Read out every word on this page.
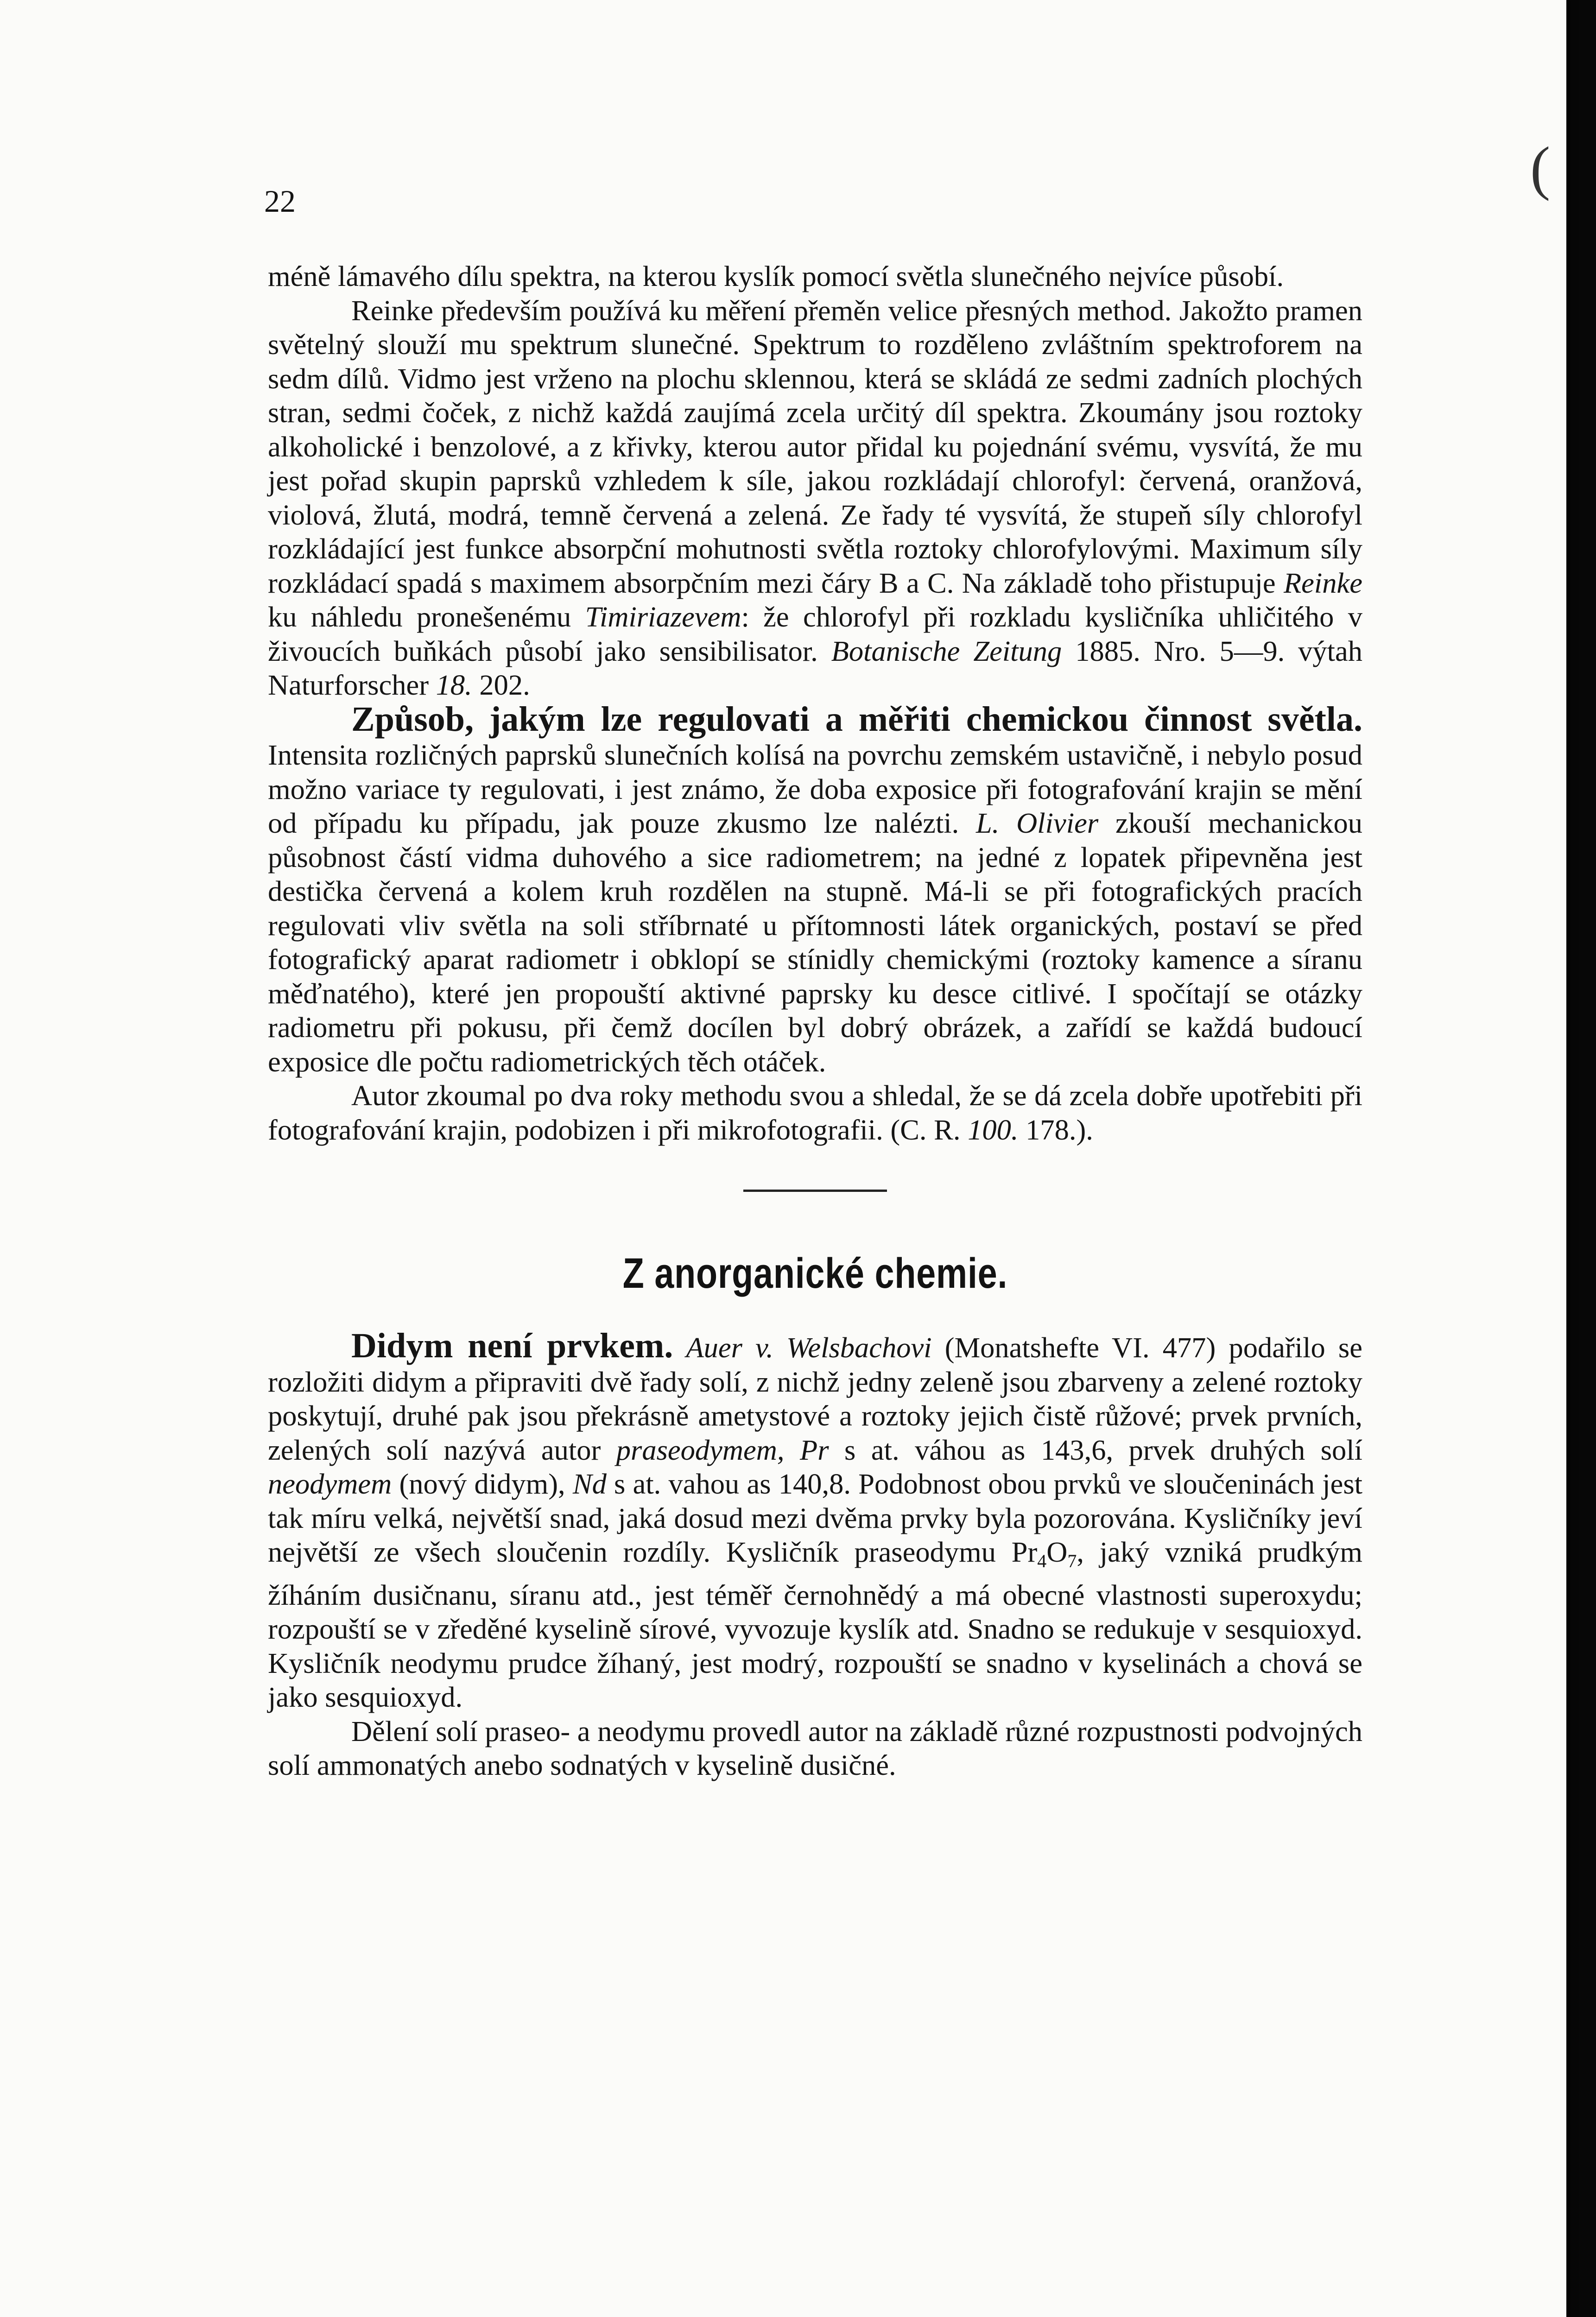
22	(

méně lámavého dílu spektra, na kterou kyslík pomocí světla slunečného nejvíce působí.

Reinke především používá ku měření přeměn velice přesných method. Jakožto pramen světelný slouží mu spektrum slunečné. Spektrum to rozděleno zvláštním spektroforem na sedm dílů. Vidmo jest vrženo na plochu sklennou, která se skládá ze sedmi zadních plochých stran, sedmi čoček, z nichž každá zaujímá zcela určitý díl spektra. Zkoumány jsou roztoky alkoholické i benzolové, a z křivky, kterou autor přidal ku pojednání svému, vysvítá, že mu jest pořad skupin paprsků vzhledem k síle, jakou rozkládají chlorofyl: červená, oranžová, violová, žlutá, modrá, temně červená a zelená. Ze řady té vysvítá, že stupeň síly chlorofyl rozkládající jest funkce absorpční mohutnosti světla roztoky chlorofylovými. Maximum síly rozkládací spadá s maximem absorpčním mezi čáry B a C. Na základě toho přistupuje Reinke ku náhledu pronešenému Timiriazevem: že chlorofyl při rozkladu kysličníka uhličitého v živoucích buňkách působí jako sensibilisator. Botanische Zeitung 1885. Nro. 5—9. výtah Naturforscher 18. 202.

Způsob, jakým lze regulovati a měřiti chemickou činnost světla. Intensita rozličných paprsků slunečních kolísá na povrchu zemském ustavičně, i nebylo posud možno variace ty regulovati, i jest známo, že doba exposice při fotografování krajin se mění od případu ku případu, jak pouze zkusmo lze nalézti. L. Olivier zkouší mechanickou působnost částí vidma duhového a sice radiometrem; na jedné z lopatek připevněna jest destička červená a kolem kruh rozdělen na stupně. Má-li se při fotografických pracích regulovati vliv světla na soli stříbrnaté u přítomnosti látek organických, postaví se před fotografický aparat radiometr i obklopí se stínidly chemickými (roztoky kamence a síranu měďnatého), které jen propouští aktivné paprsky ku desce citlivé. I spočítají se otázky radiometru při pokusu, při čemž docílen byl dobrý obrázek, a zařídí se každá budoucí exposice dle počtu radiometrických těch otáček.

Autor zkoumal po dva roky methodu svou a shledal, že se dá zcela dobře upotřebiti při fotografování krajin, podobizen i při mikrofotografii. (C. R. 100. 178.).

Z anorganické chemie.

Didym není prvkem. Auer v. Welsbachovi (Monatshefte VI. 477) podařilo se rozložiti didym a připraviti dvě řady solí, z nichž jedny zeleně jsou zbarveny a zelené roztoky poskytují, druhé pak jsou překrásně ametystové a roztoky jejich čistě růžové; prvek prvních, zelených solí nazývá autor praseodymem, Pr s at. váhou as 143,6, prvek druhých solí neodymem (nový didym), Nd s at. vahou as 140,8. Podobnost obou prvků ve sloučeninách jest tak míru velká, největší snad, jaká dosud mezi dvěma prvky byla pozorována. Kysličníky jeví největší ze všech sloučenin rozdíly. Kysličník praseodymu $Pr_4O_7$, jaký vzniká prudkým žíháním dusičnanu, síranu atd., jest téměř černohnědý a má obecné vlastnosti superoxydu; rozpouští se v zředěné kyselině sírové, vyvozuje kyslík atd. Snadno se redukuje v sesquioxyd. Kysličník neodymu prudce žíhaný, jest modrý, rozpouští se snadno v kyselinách a chová se jako sesquioxyd.

Dělení solí praseo- a neodymu provedl autor na základě různé rozpustnosti podvojných solí ammonatých anebo sodnatých v kyselině dusičné.
